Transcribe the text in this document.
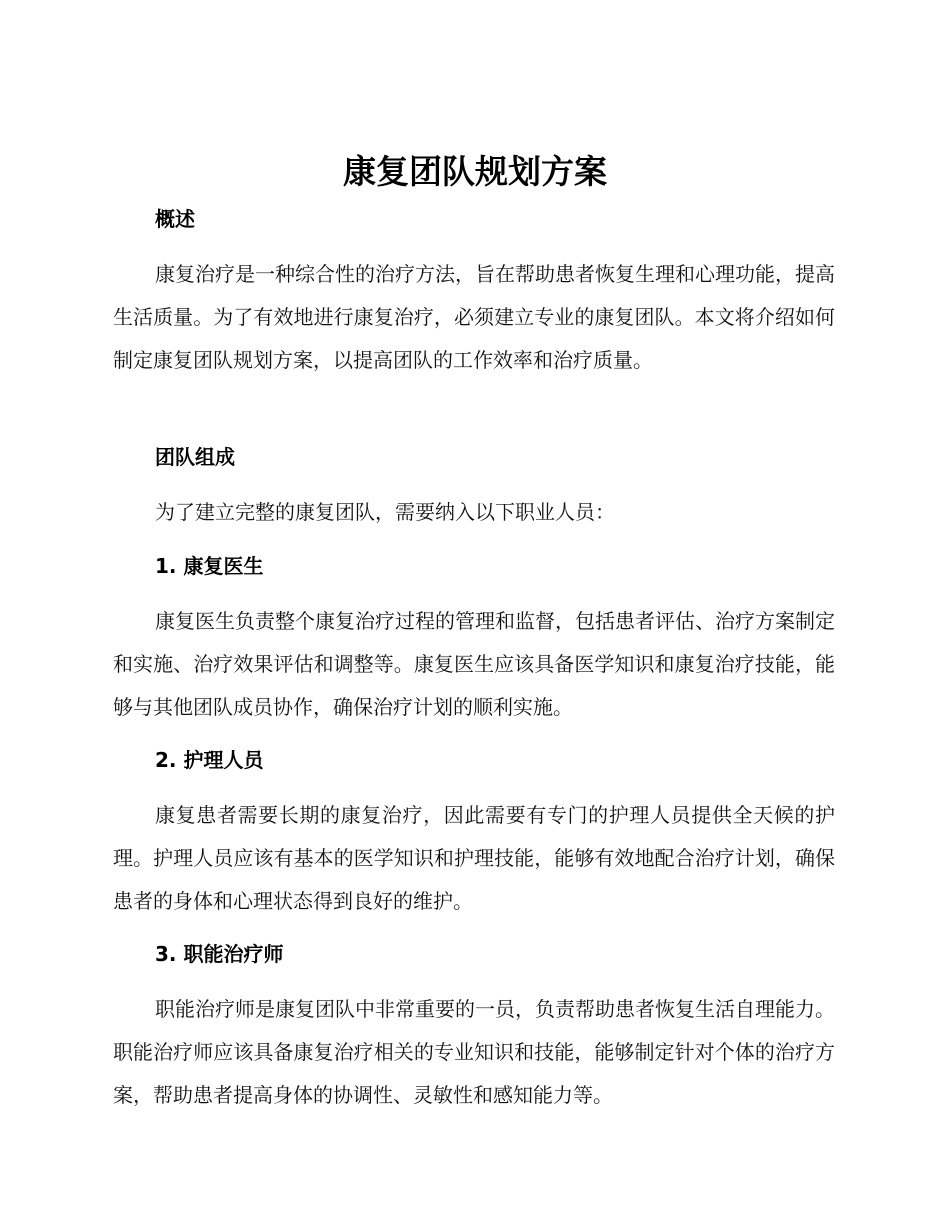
康复团队规划方案
概述

康复治疗是一种综合性的治疗方法，旨在帮助患者恢复生理和心理功能，提高生活质量。为了有效地进行康复治疗，必须建立专业的康复团队。本文将介绍如何制定康复团队规划方案，以提高团队的工作效率和治疗质量。

团队组成

为了建立完整的康复团队，需要纳入以下职业人员：

1. 康复医生

康复医生负责整个康复治疗过程的管理和监督，包括患者评估、治疗方案制定和实施、治疗效果评估和调整等。康复医生应该具备医学知识和康复治疗技能，能够与其他团队成员协作，确保治疗计划的顺利实施。

2. 护理人员

康复患者需要长期的康复治疗，因此需要有专门的护理人员提供全天候的护理。护理人员应该有基本的医学知识和护理技能，能够有效地配合治疗计划，确保患者的身体和心理状态得到良好的维护。

3. 职能治疗师

职能治疗师是康复团队中非常重要的一员，负责帮助患者恢复生活自理能力。职能治疗师应该具备康复治疗相关的专业知识和技能，能够制定针对个体的治疗方案，帮助患者提高身体的协调性、灵敏性和感知能力等。
